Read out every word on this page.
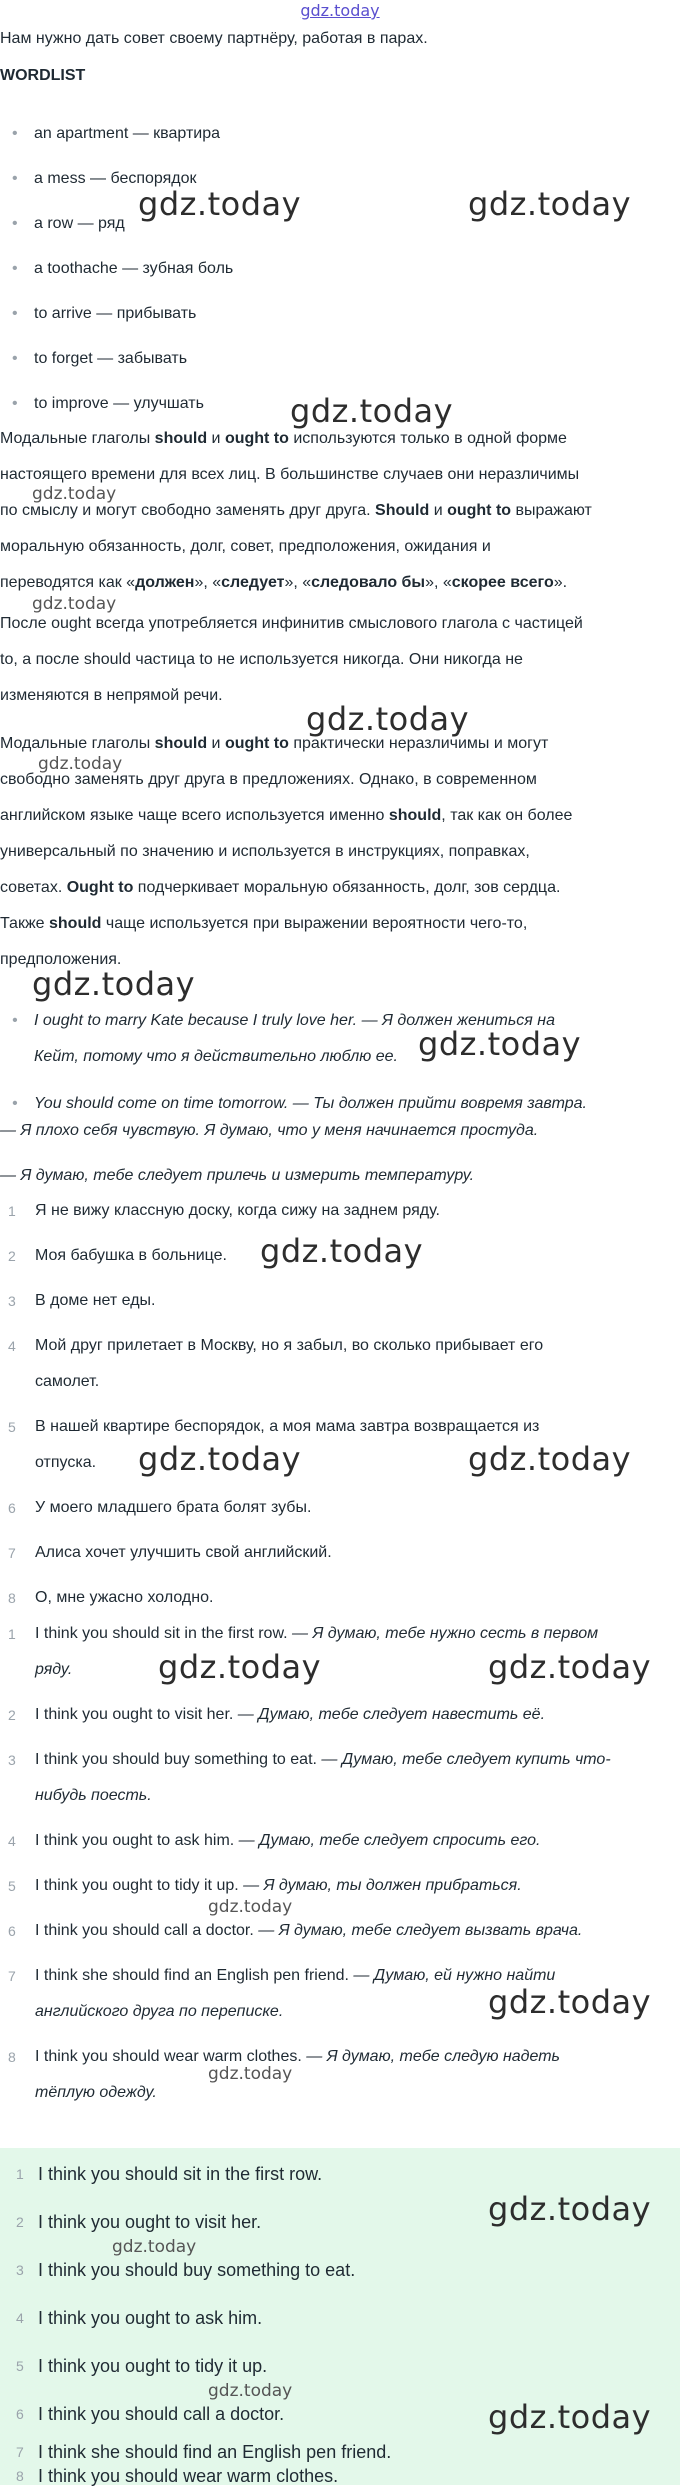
gdz.today
Нам нужно дать совет своему партнёру, работая в парах.
WORDLIST
• an apartment — квартира
• a mess — беспорядок
• a row — ряд
• a toothache — зубная боль
• to arrive — прибывать
• to forget — забывать
• to improve — улучшать
Модальные глаголы should и ought to используются только в одной форме
настоящего времени для всех лиц. В большинстве случаев они неразличимы
по смыслу и могут свободно заменять друг друга. Should и ought to выражают
моральную обязанность, долг, совет, предположения, ожидания и
переводятся как «должен», «следует», «следовало бы», «скорее всего».
После ought всегда употребляется инфинитив смыслового глагола с частицей
to, а после should частица to не используется никогда. Они никогда не
изменяются в непрямой речи.
Модальные глаголы should и ought to практически неразличимы и могут
свободно заменять друг друга в предложениях. Однако, в современном
английском языке чаще всего используется именно should, так как он более
универсальный по значению и используется в инструкциях, поправках,
советах. Ought to подчеркивает моральную обязанность, долг, зов сердца.
Также should чаще используется при выражении вероятности чего-то,
предположения.
• I ought to marry Kate because I truly love her. — Я должен жениться на
Кейт, потому что я действительно люблю ее.
• You should come on time tomorrow. — Ты должен прийти вовремя завтра.
— Я плохо себя чувствую. Я думаю, что у меня начинается простуда.
— Я думаю, тебе следует прилечь и измерить температуру.
1	Я не вижу классную доску, когда сижу на заднем ряду.
2	Моя бабушка в больнице.
3	В доме нет еды.
4	Мой друг прилетает в Москву, но я забыл, во сколько прибывает его
самолет.
5	В нашей квартире беспорядок, а моя мама завтра возвращается из
отпуска.
6	У моего младшего брата болят зубы.
7	Алиса хочет улучшить свой английский.
8	О, мне ужасно холодно.
1	I think you should sit in the first row. — Я думаю, тебе нужно сесть в первом
ряду.
2	I think you ought to visit her. — Думаю, тебе следует навестить её.
3	I think you should buy something to eat. — Думаю, тебе следует купить что-
нибудь поесть.
4	I think you ought to ask him. — Думаю, тебе следует спросить его.
5	I think you ought to tidy it up. — Я думаю, ты должен прибраться.
6	I think you should call a doctor. — Я думаю, тебе следует вызвать врача.
7	I think she should find an English pen friend. — Думаю, ей нужно найти
английского друга по переписке.
8	I think you should wear warm clothes. — Я думаю, тебе следую надеть
тёплую одежду.
1 I think you should sit in the first row.
2 I think you ought to visit her.
3 I think you should buy something to eat.
4 I think you ought to ask him.
5 I think you ought to tidy it up.
6 I think you should call a doctor.
7 I think she should find an English pen friend.
8 I think you should wear warm clothes.
gdz.today	gdz.today
gdz.today
gdz.today
gdz.today
gdz.today
gdz.today
gdz.today
gdz.today
gdz.today
gdz.today	gdz.today
gdz.today	gdz.today
gdz.today
gdz.today
gdz.today
gdz.today
gdz.today
gdz.today
gdz.today
